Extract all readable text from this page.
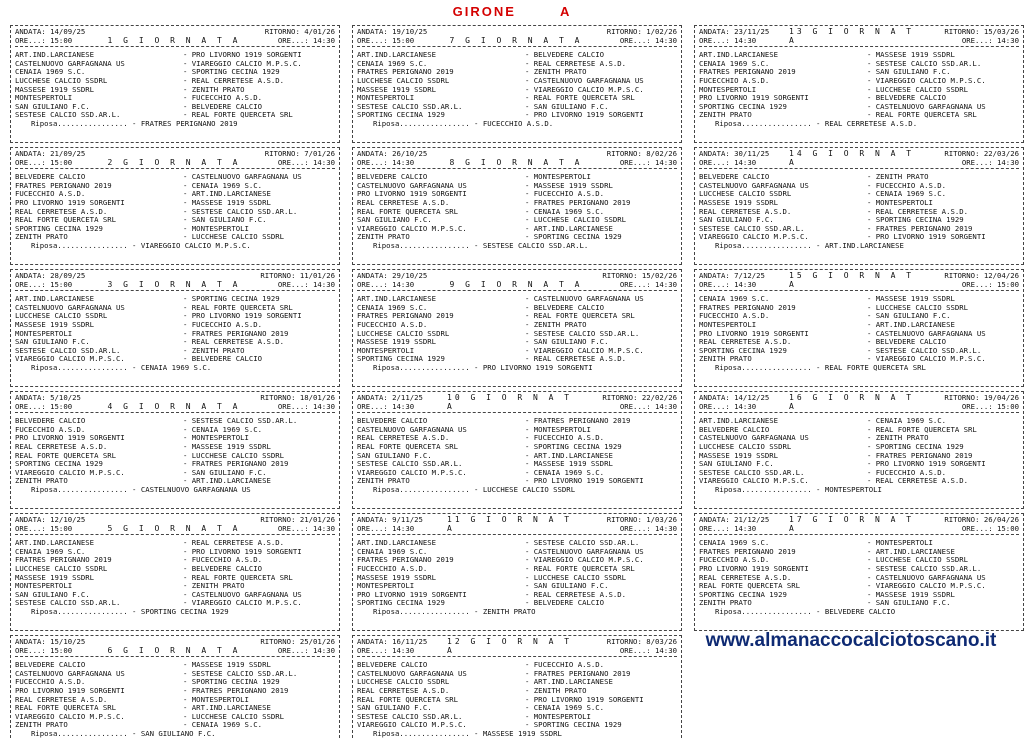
GIRONE	A
ANDATA: 14/09/25
ORE...: 15:00	1 G I O R N A T A
RITORNO: 4/01/26
ORE...: 14:30
ART.IND.LARCIANESE	- PRO LIVORNO 1919 SORGENTI
CASTELNUOVO GARFAGNANA US	- VIAREGGIO CALCIO M.P.S.C.
CENAIA 1969 S.C.	- SPORTING CECINA 1929
LUCCHESE CALCIO SSDRL	- REAL CERRETESE A.S.D.
MASSESE 1919 SSDRL	- ZENITH PRATO
MONTESPERTOLI	- FUCECCHIO A.S.D.
SAN GIULIANO F.C.	- BELVEDERE CALCIO
SESTESE CALCIO SSD.AR.L.	- REAL FORTE QUERCETA SRL
Riposa................ - FRATRES PERIGNANO 2019
ANDATA: 21/09/25
ORE...: 15:00	2 G I O R N A T A
RITORNO: 7/01/26
ORE...: 14:30
BELVEDERE CALCIO	- CASTELNUOVO GARFAGNANA US
FRATRES PERIGNANO 2019	- CENAIA 1969 S.C.
FUCECCHIO A.S.D.	- ART.IND.LARCIANESE
PRO LIVORNO 1919 SORGENTI	- MASSESE 1919 SSDRL
REAL CERRETESE A.S.D.	- SESTESE CALCIO SSD.AR.L.
REAL FORTE QUERCETA SRL	- SAN GIULIANO F.C.
SPORTING CECINA 1929	- MONTESPERTOLI
ZENITH PRATO	- LUCCHESE CALCIO SSDRL
Riposa................ - VIAREGGIO CALCIO M.P.S.C.
ANDATA: 28/09/25
ORE...: 15:00	3 G I O R N A T A
RITORNO: 11/01/26
ORE...: 14:30
ART.IND.LARCIANESE	- SPORTING CECINA 1929
CASTELNUOVO GARFAGNANA US	- REAL FORTE QUERCETA SRL
LUCCHESE CALCIO SSDRL	- PRO LIVORNO 1919 SORGENTI
MASSESE 1919 SSDRL	- FUCECCHIO A.S.D.
MONTESPERTOLI	- FRATRES PERIGNANO 2019
SAN GIULIANO F.C.	- REAL CERRETESE A.S.D.
SESTESE CALCIO SSD.AR.L.	- ZENITH PRATO
VIAREGGIO CALCIO M.P.S.C.	- BELVEDERE CALCIO
Riposa................ - CENAIA 1969 S.C.
ANDATA: 5/10/25
ORE...: 15:00	4 G I O R N A T A
RITORNO: 18/01/26
ORE...: 14:30
BELVEDERE CALCIO	- SESTESE CALCIO SSD.AR.L.
FUCECCHIO A.S.D.	- CENAIA 1969 S.C.
PRO LIVORNO 1919 SORGENTI	- MONTESPERTOLI
REAL CERRETESE A.S.D.	- MASSESE 1919 SSDRL
REAL FORTE QUERCETA SRL	- LUCCHESE CALCIO SSDRL
SPORTING CECINA 1929	- FRATRES PERIGNANO 2019
VIAREGGIO CALCIO M.P.S.C.	- SAN GIULIANO F.C.
ZENITH PRATO	- ART.IND.LARCIANESE
Riposa................ - CASTELNUOVO GARFAGNANA US
ANDATA: 12/10/25
ORE...: 15:00	5 G I O R N A T A
RITORNO: 21/01/26
ORE...: 14:30
ART.IND.LARCIANESE	- REAL CERRETESE A.S.D.
CENAIA 1969 S.C.	- PRO LIVORNO 1919 SORGENTI
FRATRES PERIGNANO 2019	- FUCECCHIO A.S.D.
LUCCHESE CALCIO SSDRL	- BELVEDERE CALCIO
MASSESE 1919 SSDRL	- REAL FORTE QUERCETA SRL
MONTESPERTOLI	- ZENITH PRATO
SAN GIULIANO F.C.	- CASTELNUOVO GARFAGNANA US
SESTESE CALCIO SSD.AR.L.	- VIAREGGIO CALCIO M.P.S.C.
Riposa................ - SPORTING CECINA 1929
ANDATA: 15/10/25
ORE...: 15:00	6 G I O R N A T A
RITORNO: 25/01/26
ORE...: 14:30
BELVEDERE CALCIO	- MASSESE 1919 SSDRL
CASTELNUOVO GARFAGNANA US	- SESTESE CALCIO SSD.AR.L.
FUCECCHIO A.S.D.	- SPORTING CECINA 1929
PRO LIVORNO 1919 SORGENTI	- FRATRES PERIGNANO 2019
REAL CERRETESE A.S.D.	- MONTESPERTOLI
REAL FORTE QUERCETA SRL	- ART.IND.LARCIANESE
VIAREGGIO CALCIO M.P.S.C.	- LUCCHESE CALCIO SSDRL
ZENITH PRATO	- CENAIA 1969 S.C.
Riposa................ - SAN GIULIANO F.C.
ANDATA: 19/10/25
ORE...: 15:00	7 G I O R N A T A
RITORNO: 1/02/26
ORE...: 14:30
ART.IND.LARCIANESE	- BELVEDERE CALCIO
CENAIA 1969 S.C.	- REAL CERRETESE A.S.D.
FRATRES PERIGNANO 2019	- ZENITH PRATO
LUCCHESE CALCIO SSDRL	- CASTELNUOVO GARFAGNANA US
MASSESE 1919 SSDRL	- VIAREGGIO CALCIO M.P.S.C.
MONTESPERTOLI	- REAL FORTE QUERCETA SRL
SESTESE CALCIO SSD.AR.L.	- SAN GIULIANO F.C.
SPORTING CECINA 1929	- PRO LIVORNO 1919 SORGENTI
Riposa................ - FUCECCHIO A.S.D.
ANDATA: 26/10/25
ORE...: 14:30	8 G I O R N A T A
RITORNO: 8/02/26
ORE...: 14:30
BELVEDERE CALCIO	- MONTESPERTOLI
CASTELNUOVO GARFAGNANA US	- MASSESE 1919 SSDRL
PRO LIVORNO 1919 SORGENTI	- FUCECCHIO A.S.D.
REAL CERRETESE A.S.D.	- FRATRES PERIGNANO 2019
REAL FORTE QUERCETA SRL	- CENAIA 1969 S.C.
SAN GIULIANO F.C.	- LUCCHESE CALCIO SSDRL
VIAREGGIO CALCIO M.P.S.C.	- ART.IND.LARCIANESE
ZENITH PRATO	- SPORTING CECINA 1929
Riposa................ - SESTESE CALCIO SSD.AR.L.
ANDATA: 29/10/25
ORE...: 14:30	9 G I O R N A T A
RITORNO: 15/02/26
ORE...: 14:30
ART.IND.LARCIANESE	- CASTELNUOVO GARFAGNANA US
CENAIA 1969 S.C.	- BELVEDERE CALCIO
FRATRES PERIGNANO 2019	- REAL FORTE QUERCETA SRL
FUCECCHIO A.S.D.	- ZENITH PRATO
LUCCHESE CALCIO SSDRL	- SESTESE CALCIO SSD.AR.L.
MASSESE 1919 SSDRL	- SAN GIULIANO F.C.
MONTESPERTOLI	- VIAREGGIO CALCIO M.P.S.C.
SPORTING CECINA 1929	- REAL CERRETESE A.S.D.
Riposa................ - PRO LIVORNO 1919 SORGENTI
ANDATA: 2/11/25
ORE...: 14:30
10 G I O R N A T A
RITORNO: 22/02/26
ORE...: 14:30
BELVEDERE CALCIO	- FRATRES PERIGNANO 2019
CASTELNUOVO GARFAGNANA US	- MONTESPERTOLI
REAL CERRETESE A.S.D.	- FUCECCHIO A.S.D.
REAL FORTE QUERCETA SRL	- SPORTING CECINA 1929
SAN GIULIANO F.C.	- ART.IND.LARCIANESE
SESTESE CALCIO SSD.AR.L.	- MASSESE 1919 SSDRL
VIAREGGIO CALCIO M.P.S.C.	- CENAIA 1969 S.C.
ZENITH PRATO	- PRO LIVORNO 1919 SORGENTI
Riposa................ - LUCCHESE CALCIO SSDRL
ANDATA: 9/11/25
ORE...: 14:30
11 G I O R N A T A
RITORNO: 1/03/26
ORE...: 14:30
ART.IND.LARCIANESE	- SESTESE CALCIO SSD.AR.L.
CENAIA 1969 S.C.	- CASTELNUOVO GARFAGNANA US
FRATRES PERIGNANO 2019	- VIAREGGIO CALCIO M.P.S.C.
FUCECCHIO A.S.D.	- REAL FORTE QUERCETA SRL
MASSESE 1919 SSDRL	- LUCCHESE CALCIO SSDRL
MONTESPERTOLI	- SAN GIULIANO F.C.
PRO LIVORNO 1919 SORGENTI	- REAL CERRETESE A.S.D.
SPORTING CECINA 1929	- BELVEDERE CALCIO
Riposa................ - ZENITH PRATO
ANDATA: 16/11/25
ORE...: 14:30
12 G I O R N A T A
RITORNO: 8/03/26
ORE...: 14:30
BELVEDERE CALCIO	- FUCECCHIO A.S.D.
CASTELNUOVO GARFAGNANA US	- FRATRES PERIGNANO 2019
LUCCHESE CALCIO SSDRL	- ART.IND.LARCIANESE
REAL CERRETESE A.S.D.	- ZENITH PRATO
REAL FORTE QUERCETA SRL	- PRO LIVORNO 1919 SORGENTI
SAN GIULIANO F.C.	- CENAIA 1969 S.C.
SESTESE CALCIO SSD.AR.L.	- MONTESPERTOLI
VIAREGGIO CALCIO M.P.S.C.	- SPORTING CECINA 1929
Riposa................ - MASSESE 1919 SSDRL
ANDATA: 23/11/25
ORE...: 14:30
13 G I O R N A T A
RITORNO: 15/03/26
ORE...: 14:30
ART.IND.LARCIANESE	- MASSESE 1919 SSDRL
CENAIA 1969 S.C.	- SESTESE CALCIO SSD.AR.L.
FRATRES PERIGNANO 2019	- SAN GIULIANO F.C.
FUCECCHIO A.S.D.	- VIAREGGIO CALCIO M.P.S.C.
MONTESPERTOLI	- LUCCHESE CALCIO SSDRL
PRO LIVORNO 1919 SORGENTI	- BELVEDERE CALCIO
SPORTING CECINA 1929	- CASTELNUOVO GARFAGNANA US
ZENITH PRATO	- REAL FORTE QUERCETA SRL
Riposa................ - REAL CERRETESE A.S.D.
ANDATA: 30/11/25
ORE...: 14:30
14 G I O R N A T A
RITORNO: 22/03/26
ORE...: 14:30
BELVEDERE CALCIO	- ZENITH PRATO
CASTELNUOVO GARFAGNANA US	- FUCECCHIO A.S.D.
LUCCHESE CALCIO SSDRL	- CENAIA 1969 S.C.
MASSESE 1919 SSDRL	- MONTESPERTOLI
REAL CERRETESE A.S.D.	- REAL CERRETESE A.S.D.
SAN GIULIANO F.C.	- SPORTING CECINA 1929
SESTESE CALCIO SSD.AR.L.	- FRATRES PERIGNANO 2019
VIAREGGIO CALCIO M.P.S.C.	- PRO LIVORNO 1919 SORGENTI
Riposa................ - ART.IND.LARCIANESE
ANDATA: 7/12/25
ORE...: 14:30
15 G I O R N A T A
RITORNO: 12/04/26
ORE...: 15:00
CENAIA 1969 S.C.	- MASSESE 1919 SSDRL
FRATRES PERIGNANO 2019	- LUCCHESE CALCIO SSDRL
FUCECCHIO A.S.D.	- SAN GIULIANO F.C.
MONTESPERTOLI	- ART.IND.LARCIANESE
PRO LIVORNO 1919 SORGENTI	- CASTELNUOVO GARFAGNANA US
REAL CERRETESE A.S.D.	- BELVEDERE CALCIO
SPORTING CECINA 1929	- SESTESE CALCIO SSD.AR.L.
ZENITH PRATO	- VIAREGGIO CALCIO M.P.S.C.
Riposa................ - REAL FORTE QUERCETA SRL
ANDATA: 14/12/25
ORE...: 14:30
16 G I O R N A T A
RITORNO: 19/04/26
ORE...: 15:00
ART.IND.LARCIANESE	- CENAIA 1969 S.C.
BELVEDERE CALCIO	- REAL FORTE QUERCETA SRL
CASTELNUOVO GARFAGNANA US	- ZENITH PRATO
LUCCHESE CALCIO SSDRL	- SPORTING CECINA 1929
MASSESE 1919 SSDRL	- FRATRES PERIGNANO 2019
SAN GIULIANO F.C.	- PRO LIVORNO 1919 SORGENTI
SESTESE CALCIO SSD.AR.L.	- FUCECCHIO A.S.D.
VIAREGGIO CALCIO M.P.S.C.	- REAL CERRETESE A.S.D.
Riposa................ - MONTESPERTOLI
ANDATA: 21/12/25
ORE...: 14:30
17 G I O R N A T A
RITORNO: 26/04/26
ORE...: 15:00
CENAIA 1969 S.C.	- MONTESPERTOLI
FRATRES PERIGNANO 2019	- ART.IND.LARCIANESE
FUCECCHIO A.S.D.	- LUCCHESE CALCIO SSDRL
PRO LIVORNO 1919 SORGENTI	- SESTESE CALCIO SSD.AR.L.
REAL CERRETESE A.S.D.	- CASTELNUOVO GARFAGNANA US
REAL FORTE QUERCETA SRL	- VIAREGGIO CALCIO M.P.S.C.
SPORTING CECINA 1929	- MASSESE 1919 SSDRL
ZENITH PRATO	- SAN GIULIANO F.C.
Riposa................ - BELVEDERE CALCIO
www.almanaccocalciotoscano.it
